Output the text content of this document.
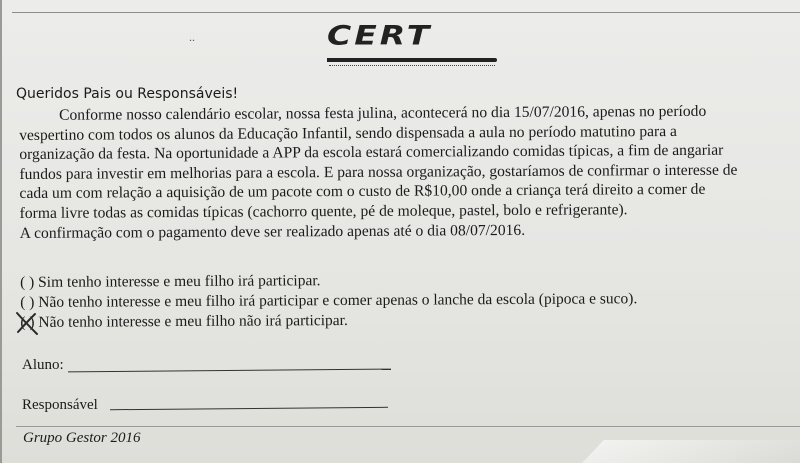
..	CERT
Queridos Pais ou Responsáveis!
Conforme nosso calendário escolar, nossa festa julina, acontecerá no dia 15/07/2016, apenas no período
vespertino com todos os alunos da Educação Infantil, sendo dispensada a aula no período matutino para a
organização da festa. Na oportunidade a APP da escola estará comercializando comidas típicas, a fim de angariar
fundos para investir em melhorias para a escola. E para nossa organização, gostaríamos de confirmar o interesse de
cada um com relação a aquisição de um pacote com o custo de R$10,00 onde a criança terá direito a comer de
forma livre todas as comidas típicas (cachorro quente, pé de moleque, pastel, bolo e refrigerante).
A confirmação com o pagamento deve ser realizado apenas até o dia 08/07/2016.
( ) Sim tenho interesse e meu filho irá participar.
( ) Não tenho interesse e meu filho irá participar e comer apenas o lanche da escola (pipoca e suco).
( ) Não tenho interesse e meu filho não irá participar.
Aluno:
Responsável
Grupo Gestor 2016
